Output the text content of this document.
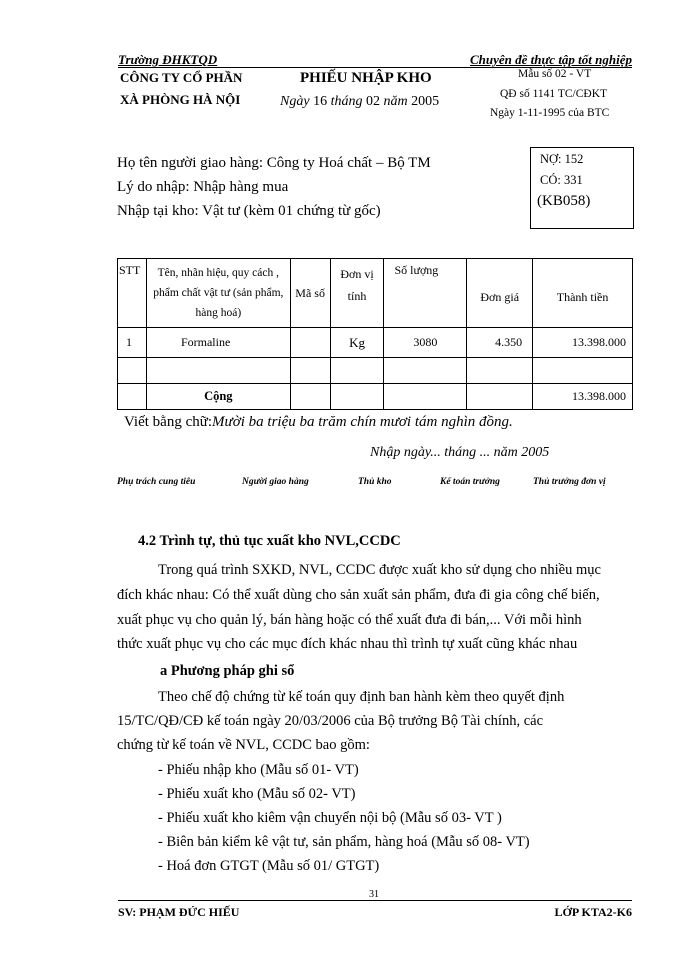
Trường ĐHKTQD	Chuyên đề thực tập tốt nghiệp
CÔNG TY CỔ PHẦN
XÀ PHÒNG HÀ NỘI
PHIẾU NHẬP KHO
Ngày 16 tháng 02 năm 2005
Mẫu số 02 - VT
QĐ số 1141 TC/CĐKT
Ngày 1-11-1995 của BTC
Họ tên người giao hàng: Công ty Hoá chất – Bộ TM
Lý do nhập: Nhập hàng mua
Nhập tại kho: Vật tư (kèm 01 chứng từ gốc)
NỢ: 152
CÓ: 331
(KB058)
STT	Tên, nhãn hiệu, quy cách , phẩm chất vật tư (sản phẩm, hàng hoá)	Mã số	Đơn vị tính	Số lượng	Đơn giá	Thành tiền
1	Formaline		Kg	3080	4.350	13.398.000

	Cộng					13.398.000
Viết bằng chữ:Mười ba triệu ba trăm chín mươi tám nghìn đồng.
Nhập ngày... tháng ... năm 2005
Phụ trách cung tiêu	Người giao hàng	Thủ kho	Kế toán trưởng	Thủ trưởng đơn vị
4.2 Trình tự, thủ tục xuất kho NVL,CCDC
Trong quá trình SXKD, NVL, CCDC được xuất kho sử dụng cho nhiều mục
đích khác nhau: Có thể xuất dùng cho sản xuất sản phẩm, đưa đi gia công chế biến,
xuất phục vụ cho quản lý, bán hàng hoặc có thể xuất đưa đi bán,... Với mỗi hình
thức xuất phục vụ cho các mục đích khác nhau thì trình tự xuất cũng khác nhau
a Phương pháp ghi sổ
Theo chế độ chứng từ kế toán quy định ban hành kèm theo quyết định
15/TC/QĐ/CĐ kế toán ngày 20/03/2006 của Bộ trưởng Bộ Tài chính, các
chứng từ kế toán về NVL, CCDC bao gồm:
- Phiếu nhập kho (Mẫu số 01- VT)
- Phiếu xuất kho (Mẫu số 02- VT)
- Phiếu xuất kho kiêm vận chuyển nội bộ (Mẫu số 03- VT )
- Biên bản kiểm kê vật tư, sản phẩm, hàng hoá (Mẫu số 08- VT)
- Hoá đơn GTGT (Mẫu số 01/ GTGT)
31
SV: PHẠM ĐỨC HIẾU	LỚP KTA2-K6
